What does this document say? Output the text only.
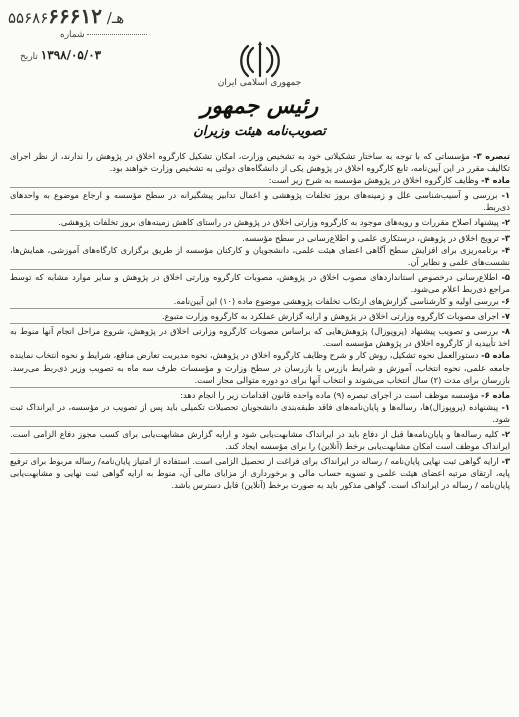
۵۵۶۸۶هـ/ ۶۶۶۱۲
شماره
۱۳۹۸/۰۵/۰۳ تاریخ
جمهوری اسلامی ایران
رئیس جمهور
تصویب‌نامه هیئت وزیران

تبصره ۳- مؤسساتی که با توجه به ساختار تشکیلاتی خود به تشخیص وزارت، امکان تشکیل کارگروه اخلاق در پژوهش را ندارند، از نظر اجرای تکالیف مقرر در این آیین‌نامه، تابع کارگروه اخلاق در پژوهش یکی از دانشگاه‌های دولتی به تشخیص وزارت خواهند بود.

ماده ۴- وظایف کارگروه اخلاق در پژوهش مؤسسه به شرح زیر است:

۱- بررسی و آسیب‌شناسی علل و زمینه‌های بروز تخلفات پژوهشی و اعمال تدابیر پیشگیرانه در سطح مؤسسه و ارجاع موضوع به واحدهای ذی‌ربط.

۲- پیشنهاد اصلاح مقررات و رویه‌های موجود به کارگروه وزارتی اخلاق در پژوهش در راستای کاهش زمینه‌های بروز تخلفات پژوهشی.

۳- ترویج اخلاق در پژوهش، درستکاری علمی و اطلاع‌رسانی در سطح مؤسسه.

۴- برنامه‌ریزی برای افزایش سطح آگاهی اعضای هیئت علمی، دانشجویان و کارکنان مؤسسه از طریق برگزاری کارگاه‌های آموزشی، همایش‌ها، نشست‌های علمی و نظایر آن.

۵- اطلاع‌رسانی درخصوص استانداردهای مصوب اخلاق در پژوهش، مصوبات کارگروه وزارتی اخلاق در پژوهش و سایر موارد مشابه که توسط مراجع ذی‌ربط اعلام می‌شود.

۶- بررسی اولیه و کارشناسی گزارش‌های ارتکاب تخلفات پژوهشی موضوع ماده (۱۰) این آیین‌نامه.

۷- اجرای مصوبات کارگروه وزارتی اخلاق در پژوهش و ارایه گزارش عملکرد به کارگروه وزارت متبوع.

۸- بررسی و تصویب پیشنهاد (پروپوزال) پژوهش‌هایی که براساس مصوبات کارگروه وزارتی اخلاق در پژوهش، شروع مراحل انجام آنها منوط به اخذ تأییدیه از کارگروه اخلاق در پژوهش مؤسسه است.

ماده ۵- دستورالعمل نحوه تشکیل، روش کار و شرح وظایف کارگروه اخلاق در پژوهش، نحوه مدیریت تعارض منافع، شرایط و نحوه انتخاب نماینده جامعه علمی، نحوه انتخاب، آموزش و شرایط بازرس یا بازرسان در سطح وزارت و مؤسسات طرف سه ماه به تصویب وزیر ذی‌ربط می‌رسد. بازرسان برای مدت (۲) سال انتخاب می‌شوند و انتخاب آنها برای دو دوره متوالی مجاز است.

ماده ۶- مؤسسه موظف است در اجرای تبصره (۹) ماده واحده قانون اقدامات زیر را انجام دهد:

۱- پیشنهاده (پروپوزال)ها، رساله‌ها و پایان‌نامه‌های فاقد طبقه‌بندی دانشجویان تحصیلات تکمیلی باید پس از تصویب در مؤسسه، در ایرانداک ثبت شود.

۲- کلیه رساله‌ها و پایان‌نامه‌ها قبل از دفاع باید در ایرانداک مشابهت‌یابی شود و ارایه گزارش مشابهت‌یابی برای کسب مجوز دفاع الزامی است. ایرانداک موظف است امکان مشابهت‌یابی برخط (آنلاین) را برای مؤسسه ایجاد کند.

۳- ارایه گواهی ثبت نهایی پایان‌نامه / رساله در ایرانداک برای فراغت از تحصیل الزامی است. استفاده از امتیاز پایان‌نامه/ رساله مربوط برای ترفیع پایه، ارتقای مرتبه اعضای هیئت علمی و تسویه حساب مالی و برخورداری از مزایای مالی آن، منوط به ارایه گواهی ثبت نهایی و مشابهت‌یابی پایان‌نامه / رساله در ایرانداک است. گواهی مذکور باید به صورت برخط (آنلاین) قابل دسترس باشد.
